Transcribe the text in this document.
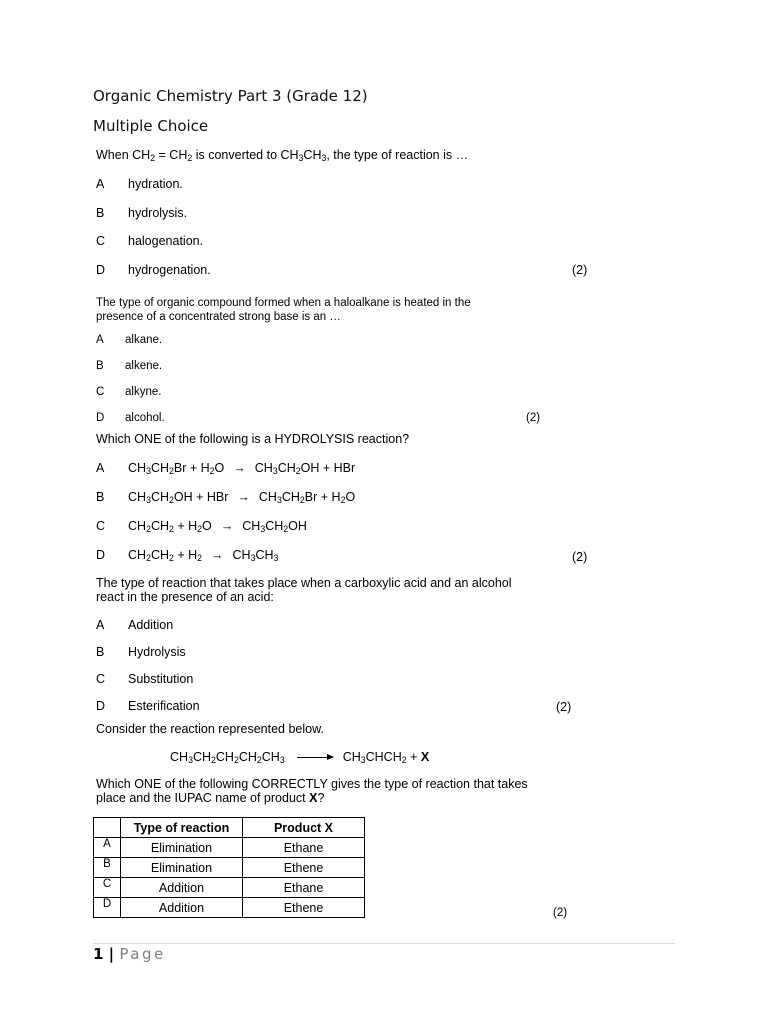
Organic Chemistry Part 3 (Grade 12)
Multiple Choice
When $CH_2 = CH_2$ is converted to $CH_3CH_3$, the type of reaction is …
A hydration.
B hydrolysis.
C halogenation.
D hydrogenation.	(2)
The type of organic compound formed when a haloalkane is heated in the presence of a concentrated strong base is an …
A alkane.
B alkene.
C alkyne.
D alcohol.	(2)
Which ONE of the following is a HYDROLYSIS reaction?
A $CH_3CH_2Br + H_2O \to CH_3CH_2OH$ + HBr
B $CH_3CH_2OH$ + HBr → $CH_3CH_2Br + H_2O$
C $CH_2CH_2 + H_2O \to CH_3CH_2OH$
D $CH_2CH_2 + H_2 \to CH_3CH_3$	(2)
The type of reaction that takes place when a carboxylic acid and an alcohol react in the presence of an acid:
A Addition
B Hydrolysis
C Substitution
D Esterification	(2)
Consider the reaction represented below.
$CH_3CH_2CH_2CH_2CH_3$ → $CH_3CHCH_2 + X$
Which ONE of the following CORRECTLY gives the type of reaction that takes place and the IUPAC name of product X?
	Type of reaction	Product X
A	Elimination	Ethane
B	Elimination	Ethene
C	Addition	Ethane
D	Addition	Ethene	(2)
1 | Page
